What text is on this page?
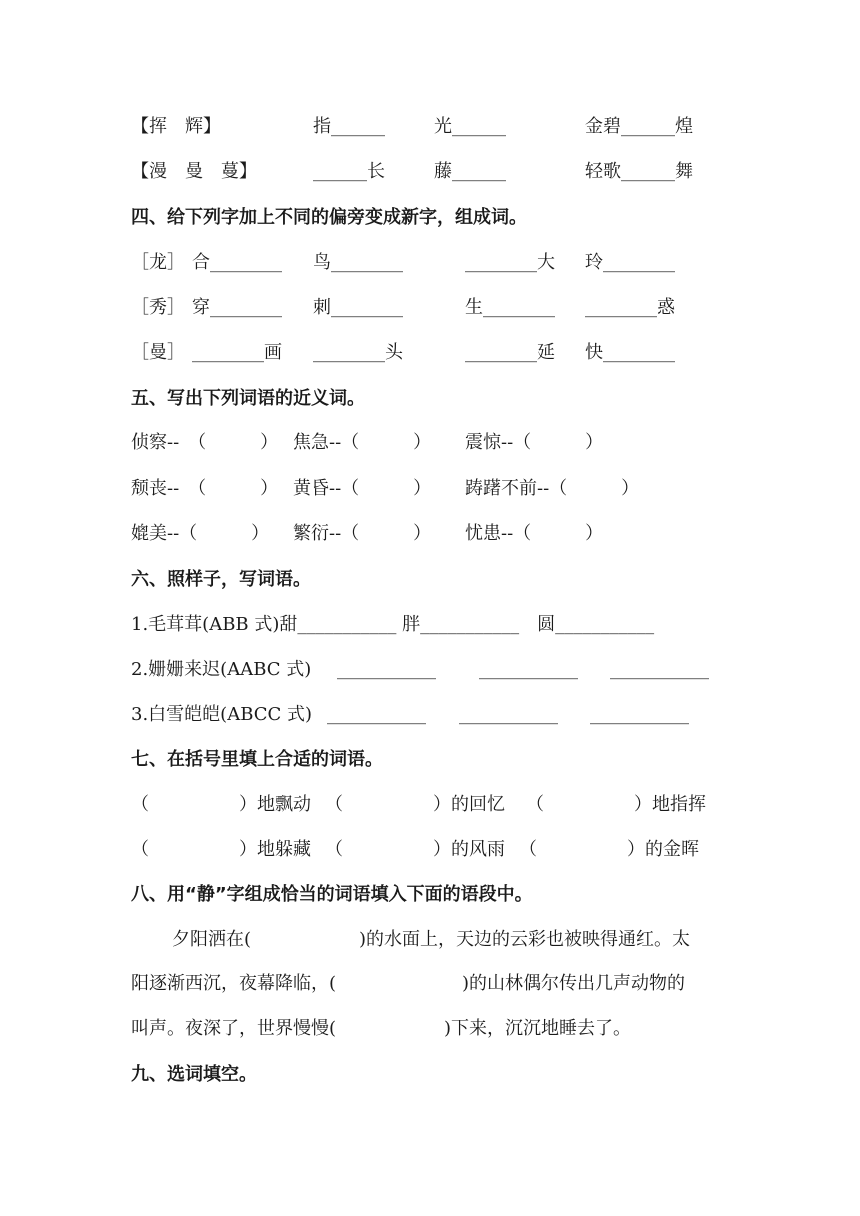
【挥　辉】	指______	光______	金碧______煌
【漫　曼　蔓】	______长	藤______	轻歌______舞
四、给下列字加上不同的偏旁变成新字，组成词。
［龙］ 合________ 鸟________	________大 玲________
［秀］ 穿________ 刺________	生________ ________惑
［曼］ ________画 ________头	________延 快________
五、写出下列词语的近义词。
侦察--　（　　　） 焦急--（　　　） 震惊--（　　　）
颓丧--　（　　　） 黄昏--（　　　） 踌躇不前--（　　　）
媲美--（　　　） 繁衍--（　　　） 忧患--（　　　）
六、照样子，写词语。
1.毛茸茸(ABB 式)甜___________ 胖___________　圆___________
2.姗姗来迟(AABC 式) ___________ ___________ ___________
3.白雪皑皑(ABCC 式) ___________ ___________ ___________
七、在括号里填上合适的词语。
（　　　　　）地飘动 （　　　　　）的回忆 （　　　　　）地指挥
（　　　　　）地躲藏 （　　　　　）的风雨 （　　　　　）的金晖
八、用“静”字组成恰当的词语填入下面的语段中。
夕阳洒在(　　　　　　)的水面上，天边的云彩也被映得通红。太
阳逐渐西沉，夜幕降临，(　　　　　　　)的山林偶尔传出几声动物的
叫声。夜深了，世界慢慢(　　　　　　)下来，沉沉地睡去了。
九、选词填空。
